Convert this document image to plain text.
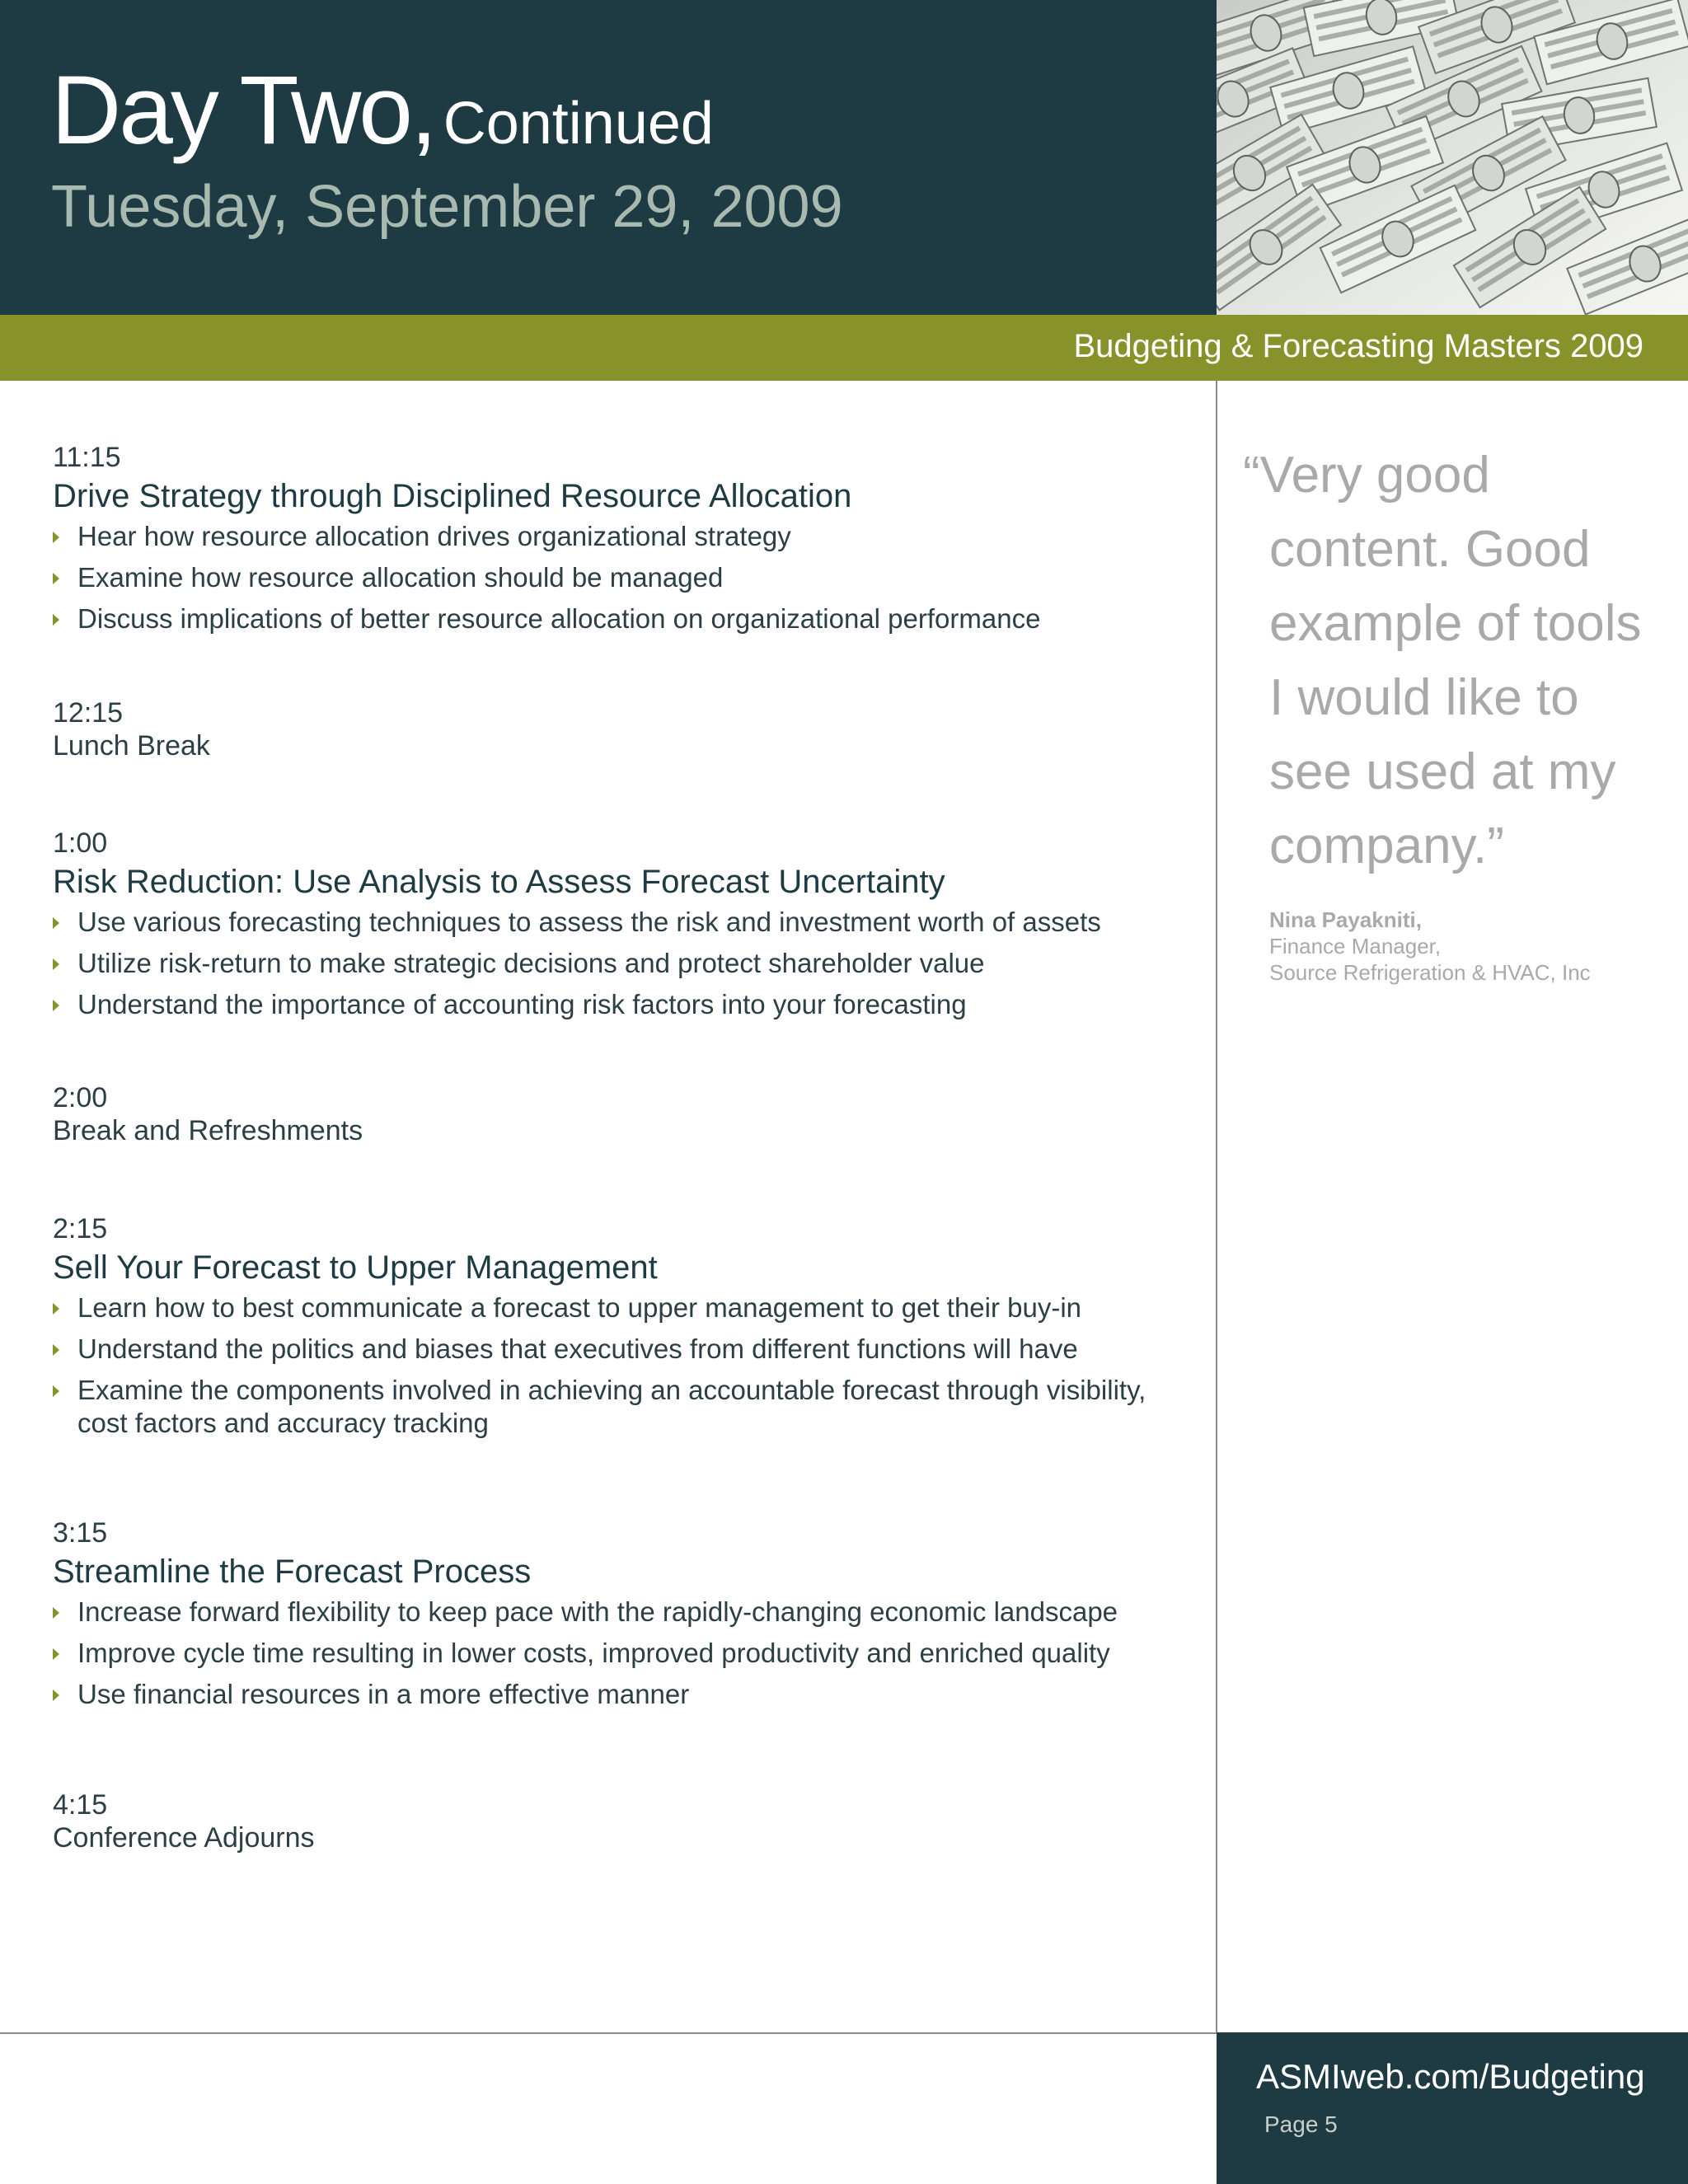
Day Two, Continued
Tuesday, September 29, 2009
Budgeting & Forecasting Masters 2009
11:15
Drive Strategy through Disciplined Resource Allocation
Hear how resource allocation drives organizational strategy
Examine how resource allocation should be managed
Discuss implications of better resource allocation on organizational performance
12:15
Lunch Break
1:00
Risk Reduction: Use Analysis to Assess Forecast Uncertainty
Use various forecasting techniques to assess the risk and investment worth of assets
Utilize risk-return to make strategic decisions and protect shareholder value
Understand the importance of accounting risk factors into your forecasting
2:00
Break and Refreshments
2:15
Sell Your Forecast to Upper Management
Learn how to best communicate a forecast to upper management to get their buy-in
Understand the politics and biases that executives from different functions will have
Examine the components involved in achieving an accountable forecast through visibility, cost factors and accuracy tracking
3:15
Streamline the Forecast Process
Increase forward flexibility to keep pace with the rapidly-changing economic landscape
Improve cycle time resulting in lower costs, improved productivity and enriched quality
Use financial resources in a more effective manner
4:15
Conference Adjourns
“Very good
content. Good
example of tools
I would like to
see used at my
company.”
Nina Payakniti,
Finance Manager,
Source Refrigeration & HVAC, Inc
ASMIweb.com/Budgeting
Page 5
